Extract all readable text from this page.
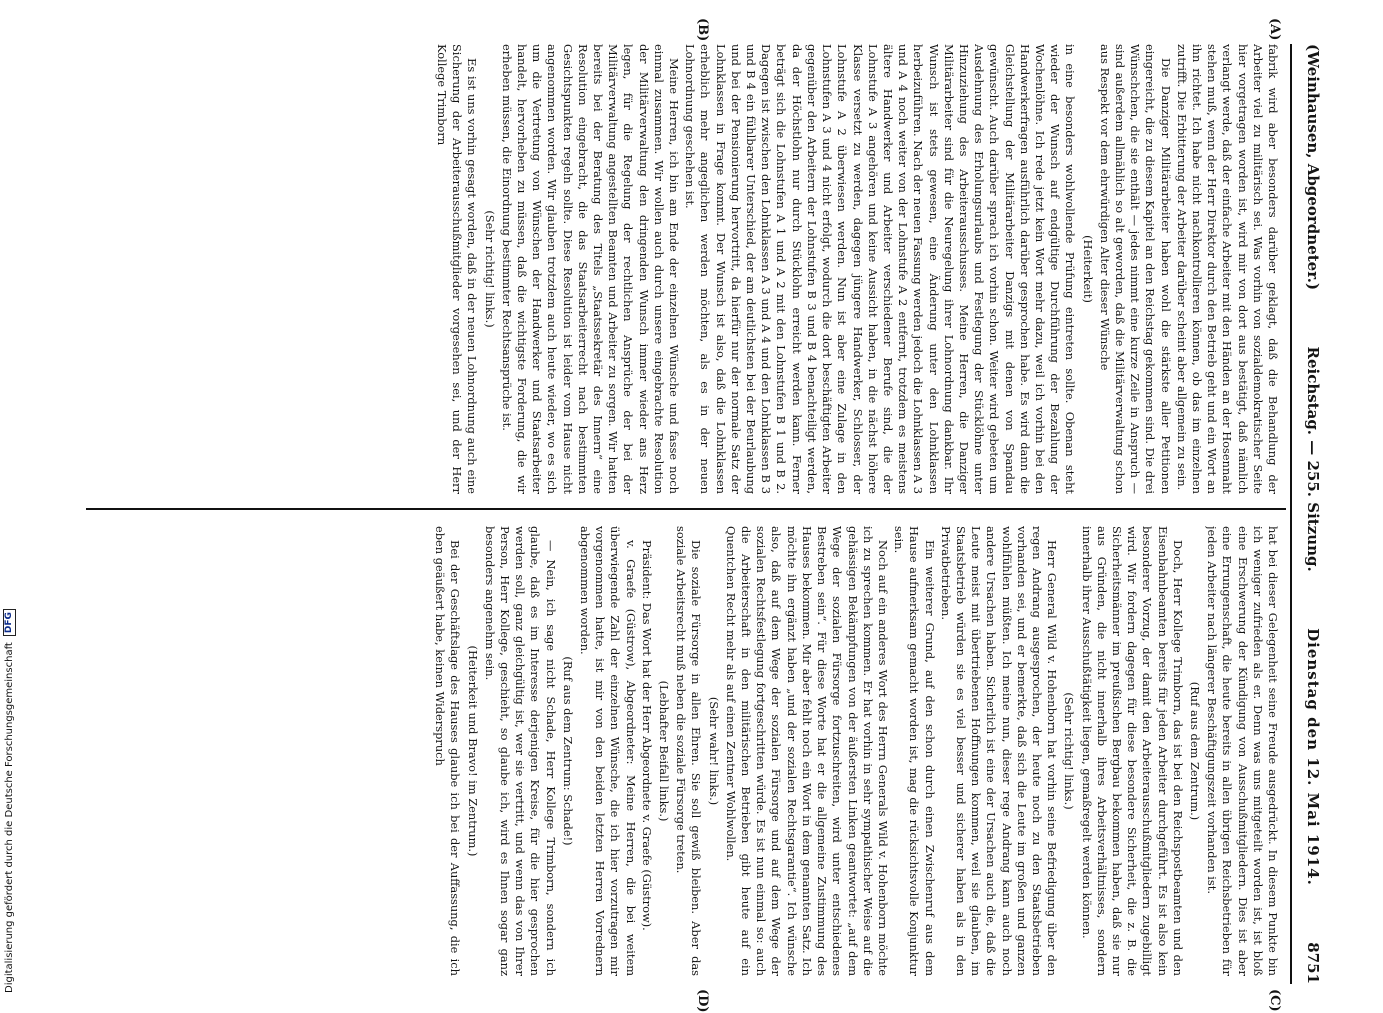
Digitalisierung gefördert durch die Deutsche Forschungsgemeinschaft
DFG
(Weinhausen, Abgeordneter.)
Reichstag. — 255. Sitzung.
Dienstag den 12. Mai 1914.
8751
(A)
(B)
(C)
(D)

fabrik wird aber besonders darüber geklagt, daß die Behandlung der Arbeiter viel zu militärisch sei. Was vorhin von sozialdemokratischer Seite hier vorgetragen worden ist, wird mir von dort aus bestätigt, daß nämlich verlangt werde, daß der einfache Arbeiter mit den Händen an der Hosennaht stehen muß, wenn der Herr Direktor durch den Betrieb geht und ein Wort an ihn richtet. Ich habe nicht nachkontrollieren können, ob das im einzelnen zutrifft. Die Erbitterung der Arbeiter darüber scheint aber allgemein zu sein.

Die Danziger Militärarbeiter haben wohl die stärkste aller Petitionen eingereicht, die zu diesem Kapitel an den Reichstag gekommen sind. Die drei Wünschchen, die sie enthält — jedes nimmt eine kurze Zeile in Anspruch — sind außerdem allmählich so alt geworden, daß die Militärverwaltung schon aus Respekt vor dem ehrwürdigen Alter dieser Wünsche

(Heiterkeit)

in eine besonders wohlwollende Prüfung eintreten sollte. Obenan steht wieder der Wunsch auf endgültige Durchführung der Bezahlung der Wochenlöhne. Ich rede jetzt kein Wort mehr dazu, weil ich vorhin bei den Handwerkerfragen ausführlich darüber gesprochen habe. Es wird dann die Gleichstellung der Militärarbeiter Danzigs mit denen von Spandau gewünscht. Auch darüber sprach ich vorhin schon. Weiter wird gebeten um Ausdehnung des Erholungsurlaubs und Festlegung der Stücklöhne unter Hinzuziehung des Arbeiterausschusses. Meine Herren, die Danziger Militärarbeiter sind für die Neuregelung ihrer Lohnordnung dankbar. Ihr Wunsch ist stets gewesen, eine Änderung unter den Lohnklassen herbeizuführen. Nach der neuen Fassung werden jedoch die Lohnklassen A 3 und A 4 noch weiter von der Lohnstufe A 2 entfernt, trotzdem es meistens ältere Handwerker und Arbeiter verschiedener Berufe sind, die der Lohnstufe A 3 angehören und keine Aussicht haben, in die nächst höhere Klasse versetzt zu werden, dagegen jüngere Handwerker, Schlosser, der Lohnstufe A 2 überwiesen werden. Nun ist aber eine Zulage in den Lohnstufen A 3 und 4 nicht erfolgt, wodurch die dort beschäftigten Arbeiter gegenüber den Arbeitern der Lohnstufen B 3 und B 4 benachteiligt werden, da der Höchstlohn nur durch Stücklohn erreicht werden kann. Ferner beträgt sich die Lohnstufen A 1 und A 2 mit den Lohnstufen B 1 und B 2. Dagegen ist zwischen den Lohnklassen A 3 und A 4 und den Lohnklassen B 3 und B 4 ein fühlbarer Unterschied, der am deutlichsten bei der Beurlaubung und bei der Pensionierung hervortritt, da hierfür nur der normale Satz der Lohnklassen in Frage kommt. Der Wunsch ist also, daß die Lohnklassen erheblich mehr angeglichen werden möchten, als es in der neuen Lohnordnung geschehen ist.

Meine Herren, ich bin am Ende der einzelnen Wünsche und fasse noch einmal zusammen. Wir wollen auch durch unsere eingebrachte Resolution der Militärverwaltung den dringenden Wunsch immer wieder ans Herz legen, für die Regelung der rechtlichen Ansprüche der bei der Militärverwaltung angestellten Beamten und Arbeiter zu sorgen. Wir hatten bereits bei der Beratung des Titels „Staatssekretär des Innern“ eine Resolution eingebracht, die das Staatsarbeiterrecht nach bestimmten Gesichtspunkten regeln sollte. Diese Resolution ist leider vom Hause nicht angenommen worden. Wir glauben trotzdem auch heute wieder, wo es sich um die Vertretung von Wünschen der Handwerker und Staatsarbeiter handelt, hervorheben zu müssen, daß die wichtigste Forderung, die wir erheben müssen, die Einordnung bestimmter Rechtsansprüche ist.

(Sehr richtig! links.)

Es ist uns vorhin gesagt worden, daß in der neuen Lohnordnung auch eine Sicherung der Arbeiterausschußmitglieder vorgesehen sei, und der Herr Kollege Trimborn

hat bei dieser Gelegenheit seine Freude ausgedrückt. In diesem Punkte bin ich weniger zufrieden als er. Denn was uns mitgeteilt worden ist, ist bloß eine Erschwerung der Kündigung von Ausschußmitgliedern. Dies ist aber eine Errungenschaft, die heute bereits in allen übrigen Reichsbetrieben für jeden Arbeiter nach längerer Beschäftigungszeit vorhanden ist.

(Ruf aus dem Zentrum.)

Doch, Herr Kollege Trimborn, das ist bei den Reichspostbeamten und den Eisenbahnbeamten bereits für jeden Arbeiter durchgeführt. Es ist also kein besonderer Vorzug, der damit den Arbeiterausschußmitgliedern zugebilligt wird. Wir fordern dagegen für diese besondere Sicherheit, die z. B. die Sicherheitsmänner im preußischen Bergbau bekommen haben, daß sie nur aus Gründen, die nicht innerhalb ihres Arbeitsverhältnisses, sondern innerhalb ihrer Ausschußtätigkeit liegen, gemaßregelt werden können.

(Sehr richtig! links.)

Herr General Wild v. Hohenborn hat vorhin seine Befriedigung über den regen Andrang ausgesprochen, der heute noch zu den Staatsbetrieben vorhanden sei, und er bemerkte, daß sich die Leute im großen und ganzen wohlfühlen müßten. Ich meine nun, dieser rege Andrang kann auch noch andere Ursachen haben. Sicherlich ist eine der Ursachen auch die, daß die Leute meist mit übertriebenen Hoffnungen kommen, weil sie glauben, im Staatsbetrieb würden sie es viel besser und sicherer haben als in den Privatbetrieben.

Ein weiterer Grund, auf den schon durch einen Zwischenruf aus dem Hause aufmerksam gemacht worden ist, mag die rücksichtsvolle Konjunktur sein.

Noch auf ein anderes Wort des Herrn Generals Wild v. Hohenborn möchte ich zu sprechen kommen. Er hat vorhin in sehr sympathischer Weise auf die gehässigen Bekämpfungen von der äußersten Linken geantwortet: „auf dem Wege der sozialen Fürsorge fortzuschreiten, wird unter entschiedenes Bestreben sein“. Für diese Worte hat er die allgemeine Zustimmung des Hauses bekommen. Mir aber fehlt noch ein Wort in dem genannten Satz. Ich möchte ihn ergänzt haben „und der sozialen Rechtsgarantie“. Ich wünsche also, daß auf dem Wege der sozialen Fürsorge und auf dem Wege der sozialen Rechtsfestlegung fortgeschritten würde. Es ist nun einmal so: auch die Arbeiterschaft in den militärischen Betrieben gibt heute auf ein Quentchen Recht mehr als auf einen Zentner Wohlwollen.

(Sehr wahr! links.)

Die soziale Fürsorge in allen Ehren. Sie soll gewiß bleiben. Aber das soziale Arbeitsrecht muß neben die soziale Fürsorge treten.

(Lebhafter Beifall links.)

Präsident: Das Wort hat der Herr Abgeordnete v. Graefe (Güstrow).

v. Graefe (Güstrow), Abgeordneter: Meine Herren, die bei weitem überwiegende Zahl der einzelnen Wünsche, die ich hier vorzutragen mir vorgenommen hatte, ist mir von den beiden letzten Herren Vorrednern abgenommen worden.

(Ruf aus dem Zentrum: Schade!)

— Nein, ich sage nicht Schade, Herr Kollege Trimborn, sondern ich glaube, daß es im Interesse derjenigen Kreise, für die hier gesprochen werden soll, ganz gleichgültig ist, wer sie vertritt, und wenn das von Ihrer Person, Herr Kollege, geschieht, so glaube ich, wird es Ihnen sogar ganz besonders angenehm sein.

(Heiterkeit und Bravo! im Zentrum.)

Bei der Geschäftslage des Hauses glaube ich bei der Auffassung, die ich eben geäußert habe, keinen Widerspruch
